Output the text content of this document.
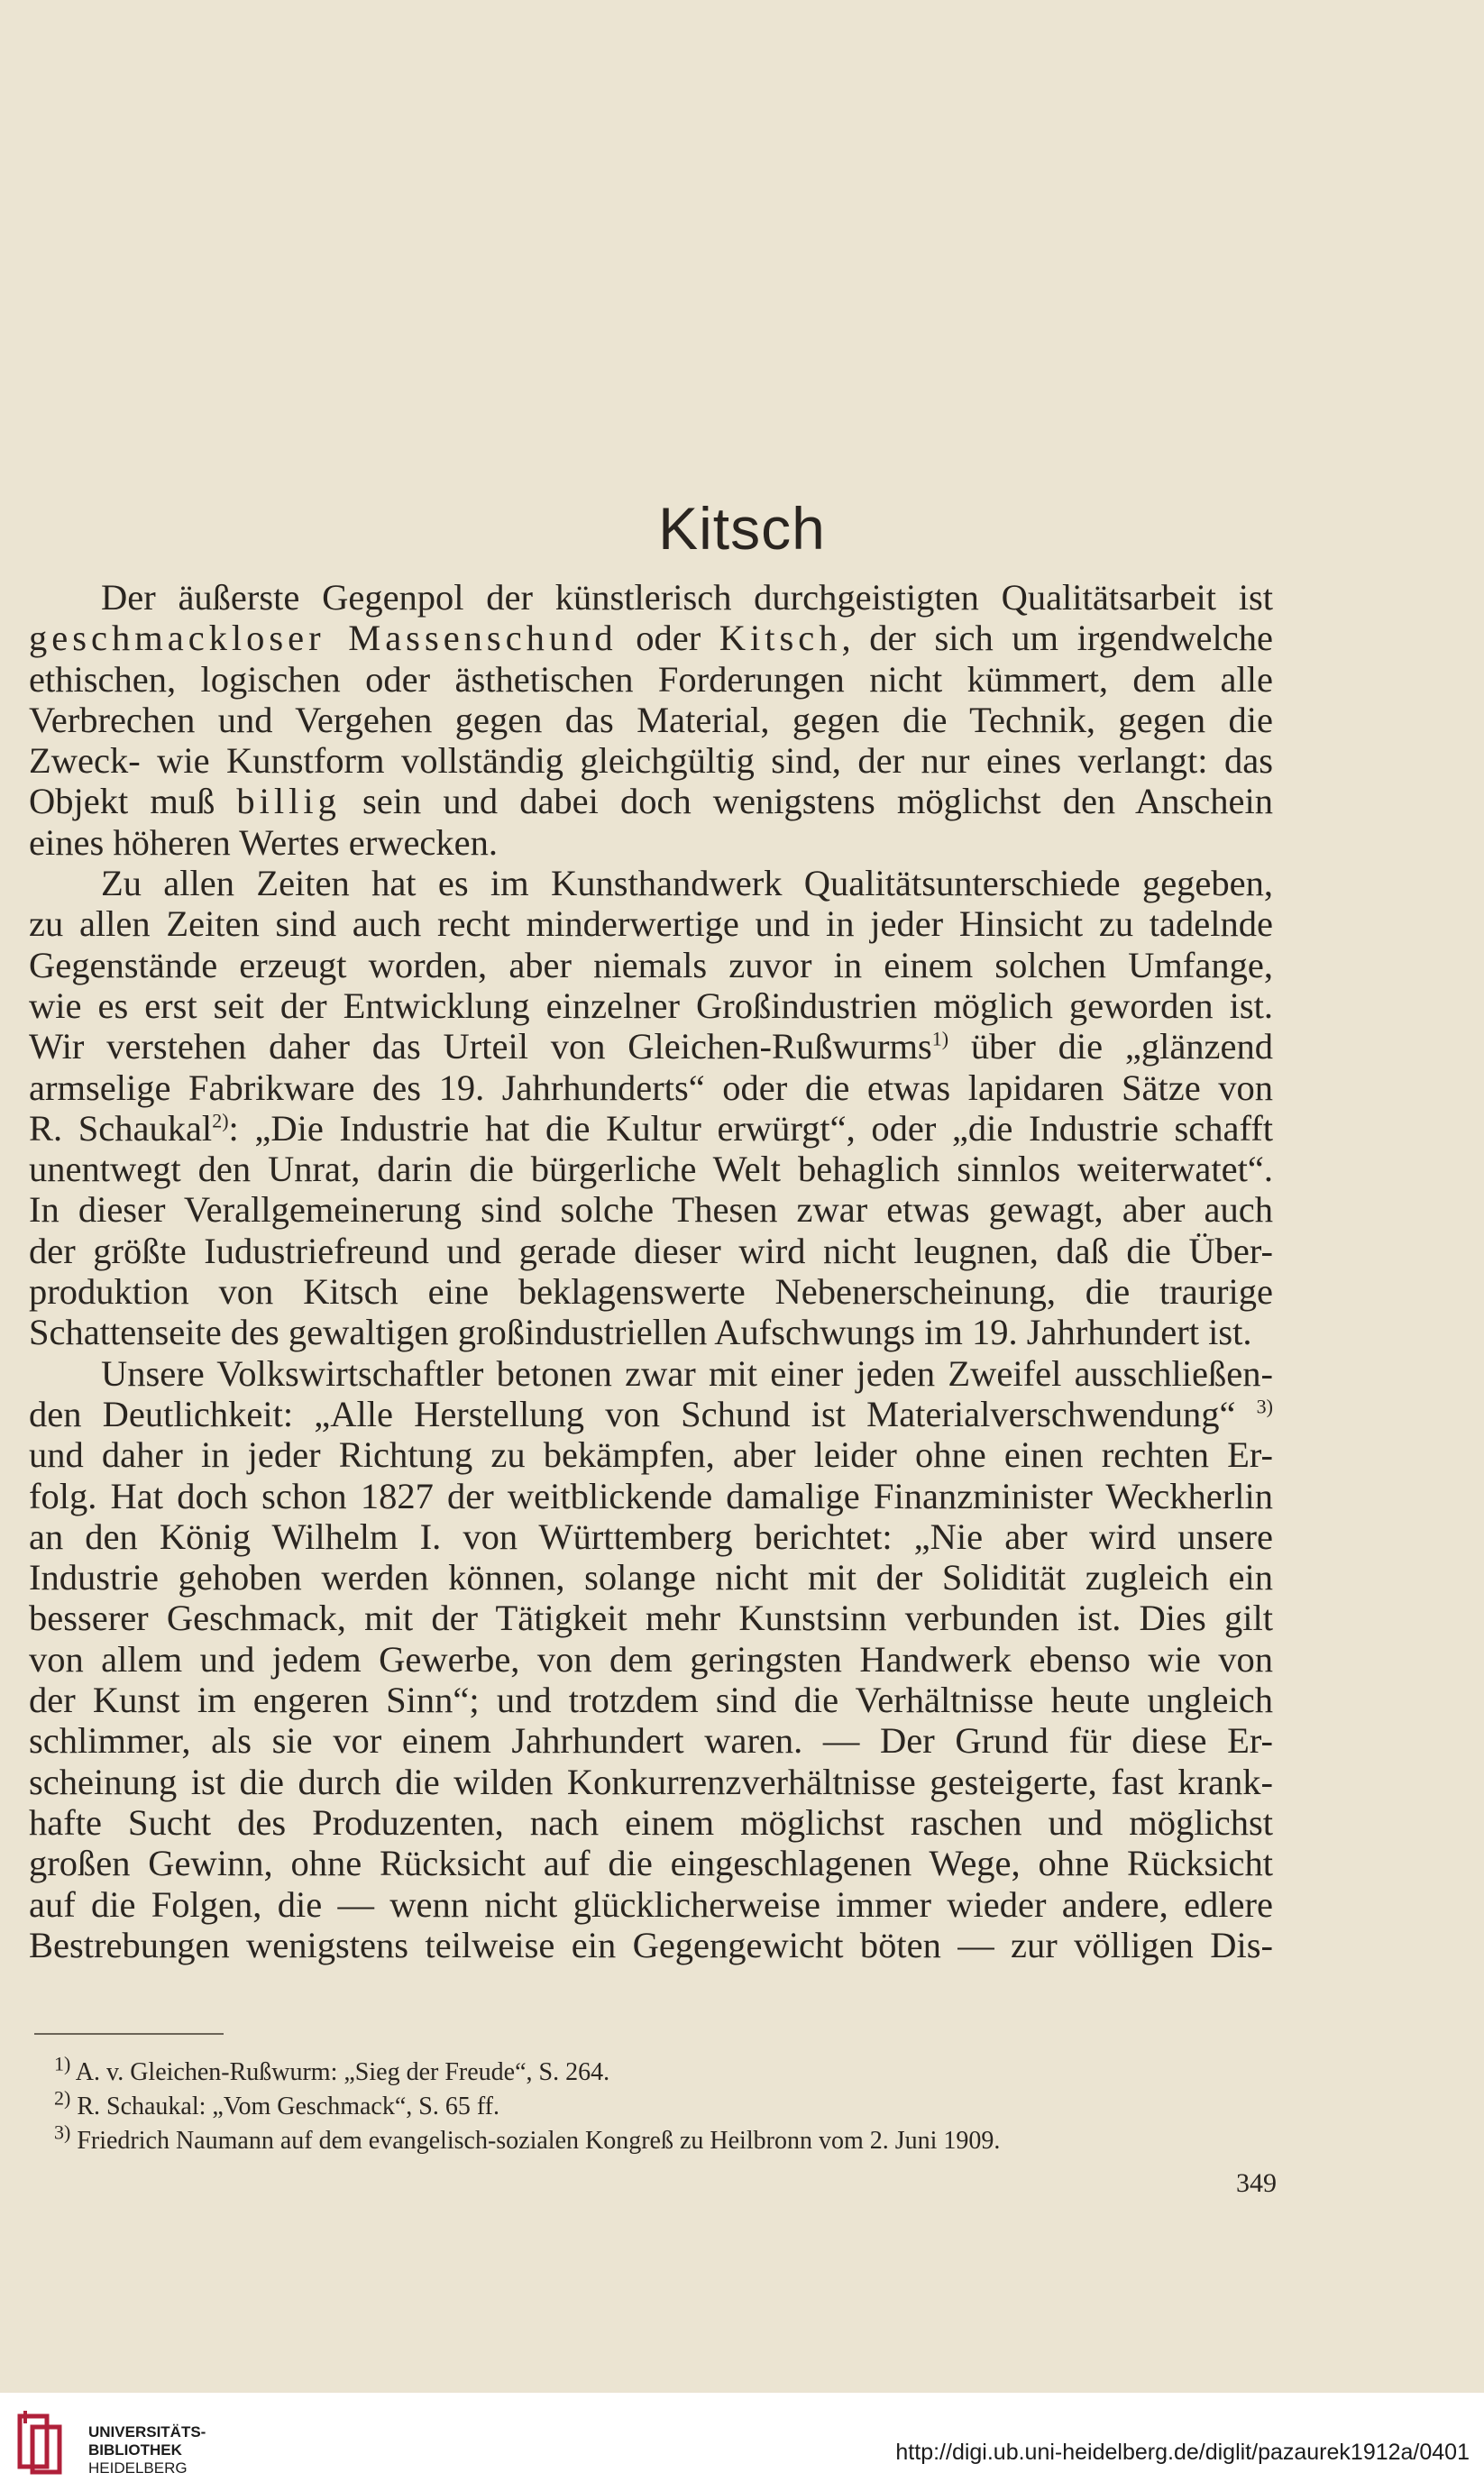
Kitsch
Der äußerste Gegenpol der künstlerisch durchgeistigten Qualitätsarbeit ist
geschmackloser Massenschund oder Kitsch, der sich um irgendwelche
ethischen, logischen oder ästhetischen Forderungen nicht kümmert, dem alle
Verbrechen und Vergehen gegen das Material, gegen die Technik, gegen die
Zweck- wie Kunstform vollständig gleichgültig sind, der nur eines verlangt: das
Objekt muß billig sein und dabei doch wenigstens möglichst den Anschein
eines höheren Wertes erwecken.
Zu allen Zeiten hat es im Kunsthandwerk Qualitätsunterschiede gegeben,
zu allen Zeiten sind auch recht minderwertige und in jeder Hinsicht zu tadelnde
Gegenstände erzeugt worden, aber niemals zuvor in einem solchen Umfange,
wie es erst seit der Entwicklung einzelner Großindustrien möglich geworden ist.
Wir verstehen daher das Urteil von Gleichen-Rußwurms$^{1)}$ über die „glänzend
armselige Fabrikware des 19. Jahrhunderts“ oder die etwas lapidaren Sätze von
R. Schaukal$^{2)}$: „Die Industrie hat die Kultur erwürgt“, oder „die Industrie schafft
unentwegt den Unrat, darin die bürgerliche Welt behaglich sinnlos weiterwatet“.
In dieser Verallgemeinerung sind solche Thesen zwar etwas gewagt, aber auch
der größte Iudustriefreund und gerade dieser wird nicht leugnen, daß die Über-
produktion von Kitsch eine beklagenswerte Nebenerscheinung, die traurige
Schattenseite des gewaltigen großindustriellen Aufschwungs im 19. Jahrhundert ist.
Unsere Volkswirtschaftler betonen zwar mit einer jeden Zweifel ausschließen-
den Deutlichkeit: „Alle Herstellung von Schund ist Materialverschwendung“ $^{3)}$
und daher in jeder Richtung zu bekämpfen, aber leider ohne einen rechten Er-
folg. Hat doch schon 1827 der weitblickende damalige Finanzminister Weckherlin
an den König Wilhelm I. von Württemberg berichtet: „Nie aber wird unsere
Industrie gehoben werden können, solange nicht mit der Solidität zugleich ein
besserer Geschmack, mit der Tätigkeit mehr Kunstsinn verbunden ist. Dies gilt
von allem und jedem Gewerbe, von dem geringsten Handwerk ebenso wie von
der Kunst im engeren Sinn“; und trotzdem sind die Verhältnisse heute ungleich
schlimmer, als sie vor einem Jahrhundert waren. — Der Grund für diese Er-
scheinung ist die durch die wilden Konkurrenzverhältnisse gesteigerte, fast krank-
hafte Sucht des Produzenten, nach einem möglichst raschen und möglichst
großen Gewinn, ohne Rücksicht auf die eingeschlagenen Wege, ohne Rücksicht
auf die Folgen, die — wenn nicht glücklicherweise immer wieder andere, edlere
Bestrebungen wenigstens teilweise ein Gegengewicht böten — zur völligen Dis-
$^{1)}$ A. v. Gleichen-Rußwurm: „Sieg der Freude“, S. 264.
$^{2)}$ R. Schaukal: „Vom Geschmack“, S. 65 ff.
$^{3)}$ Friedrich Naumann auf dem evangelisch-sozialen Kongreß zu Heilbronn vom 2. Juni 1909.
349
UNIVERSITÄTS-
BIBLIOTHEK
HEIDELBERG
http://digi.ub.uni-heidelberg.de/diglit/pazaurek1912a/0401
